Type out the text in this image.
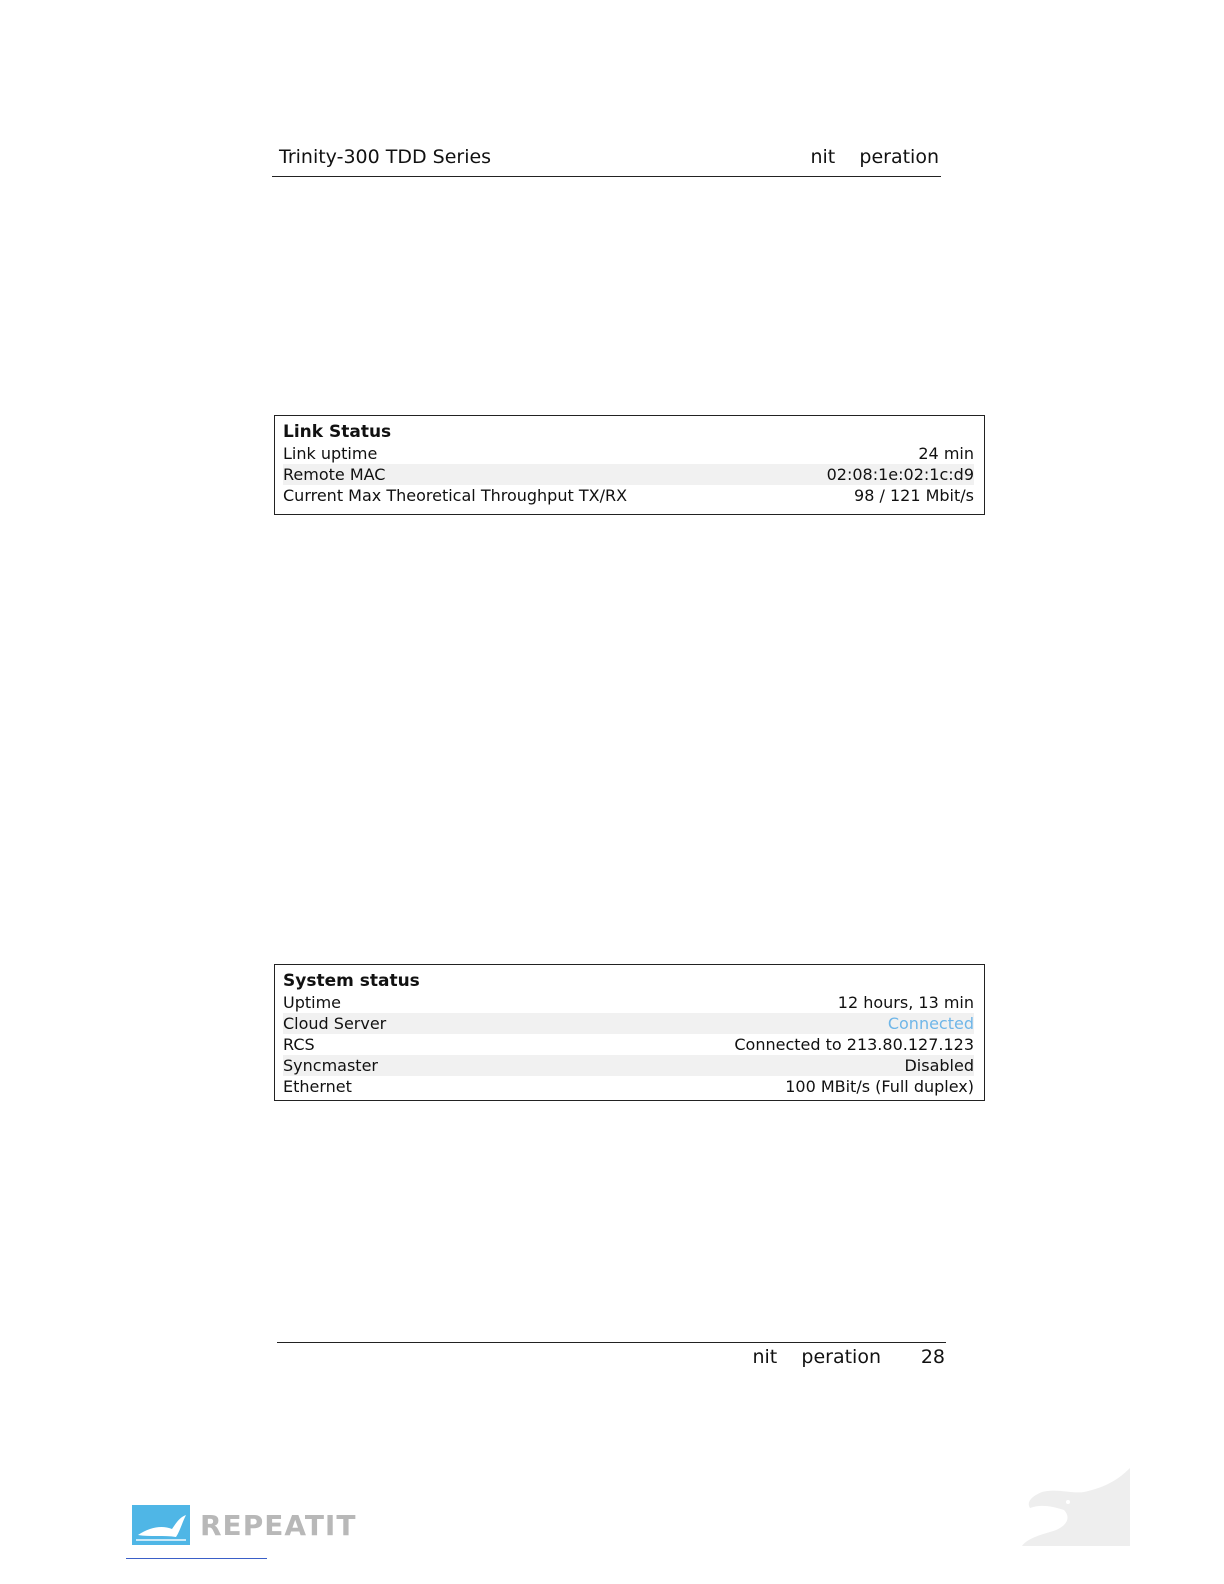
Trinity-300 TDD Series	nit    peration
Link Status
Link uptime	24 min
Remote MAC	02:08:1e:02:1c:d9
Current Max Theoretical Throughput TX/RX	98 / 121 Mbit/s
System status
Uptime	12 hours, 13 min
Cloud Server	Connected
RCS	Connected to 213.80.127.123
Syncmaster	Disabled
Ethernet	100 MBit/s (Full duplex)
nit    peration 28
REPEATIT
